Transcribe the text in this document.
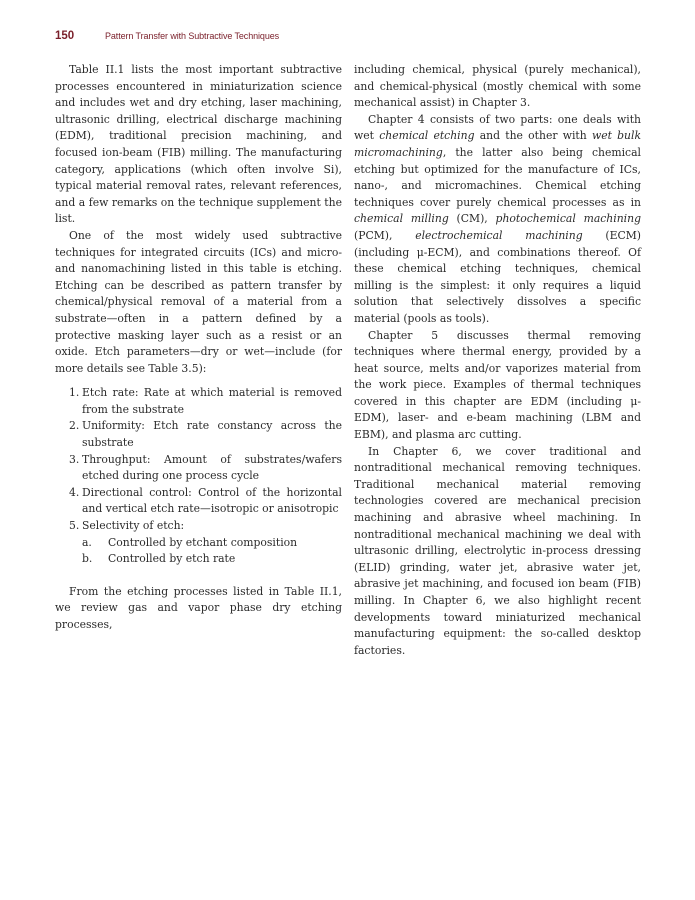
150	Pattern Transfer with Subtractive Techniques

Table II.1 lists the most important subtractive processes encountered in miniaturization science and includes wet and dry etching, laser machining, ultrasonic drilling, electrical discharge machining (EDM), traditional precision machining, and focused ion-beam (FIB) milling. The manufacturing category, applications (which often involve Si), typical material removal rates, relevant references, and a few remarks on the technique supplement the list.

One of the most widely used subtractive techniques for integrated circuits (ICs) and micro- and nanomachining listed in this table is etching. Etching can be described as pattern transfer by chemical/physical removal of a material from a substrate—often in a pattern defined by a protective masking layer such as a resist or an oxide. Etch parameters—dry or wet—include (for more details see Table 3.5):

1. Etch rate: Rate at which material is removed from the substrate
2. Uniformity: Etch rate constancy across the substrate
3. Throughput: Amount of substrates/wafers etched during one process cycle
4. Directional control: Control of the horizontal and vertical etch rate—isotropic or anisotropic
5. Selectivity of etch:
a. Controlled by etchant composition
b. Controlled by etch rate

From the etching processes listed in Table II.1, we review gas and vapor phase dry etching processes,

including chemical, physical (purely mechanical), and chemical-physical (mostly chemical with some mechanical assist) in Chapter 3.

Chapter 4 consists of two parts: one deals with wet chemical etching and the other with wet bulk micromachining, the latter also being chemical etching but optimized for the manufacture of ICs, nano-, and micromachines. Chemical etching techniques cover purely chemical processes as in chemical milling (CM), photochemical machining (PCM), electrochemical machining (ECM) (including μ-ECM), and combinations thereof. Of these chemical etching techniques, chemical milling is the simplest: it only requires a liquid solution that selectively dissolves a specific material (pools as tools).

Chapter 5 discusses thermal removing techniques where thermal energy, provided by a heat source, melts and/or vaporizes material from the work piece. Examples of thermal techniques covered in this chapter are EDM (including μ-EDM), laser- and e-beam machining (LBM and EBM), and plasma arc cutting.

In Chapter 6, we cover traditional and nontraditional mechanical removing techniques. Traditional mechanical material removing technologies covered are mechanical precision machining and abrasive wheel machining. In nontraditional mechanical machining we deal with ultrasonic drilling, electrolytic in-process dressing (ELID) grinding, water jet, abrasive water jet, abrasive jet machining, and focused ion beam (FIB) milling. In Chapter 6, we also highlight recent developments toward miniaturized mechanical manufacturing equipment: the so-called desktop factories.
